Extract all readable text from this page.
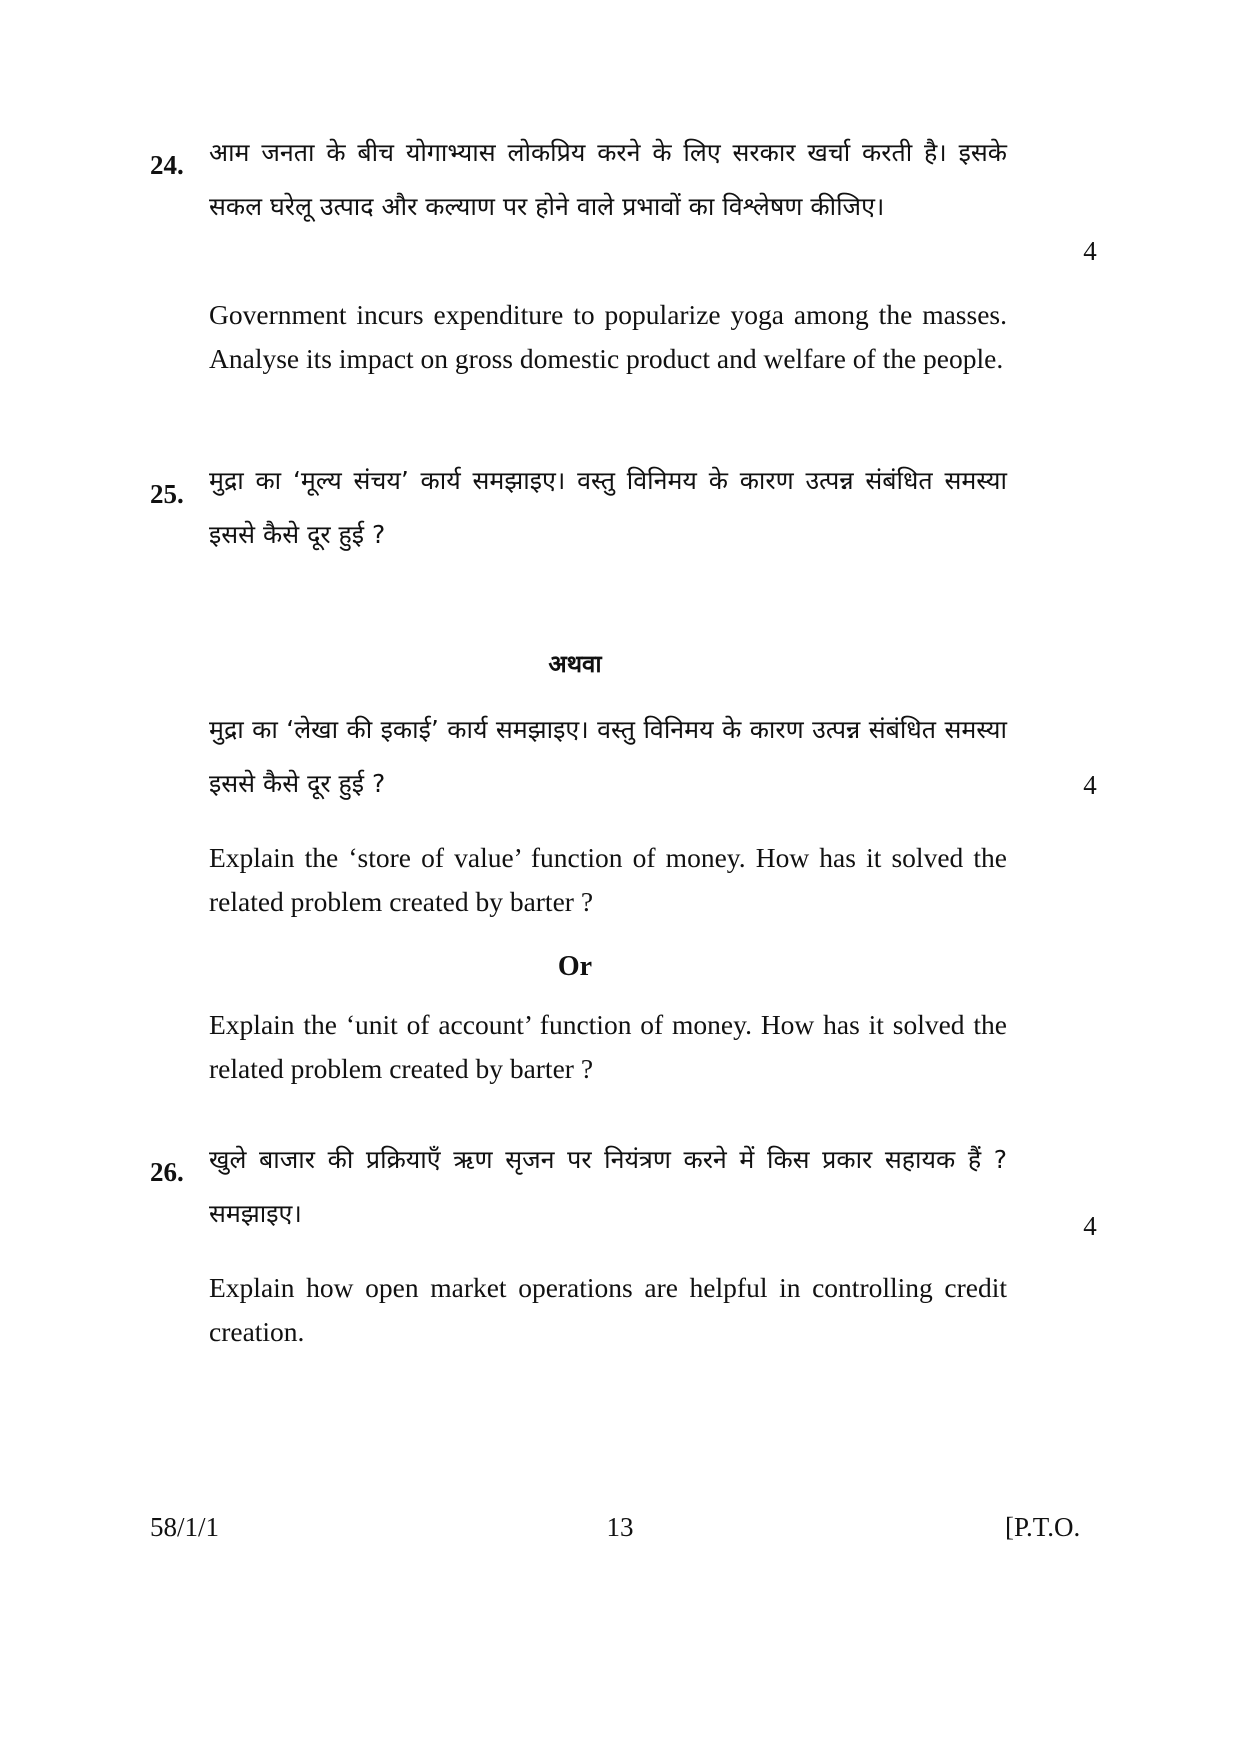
24. आम जनता के बीच योगाभ्यास लोकप्रिय करने के लिए सरकार खर्चा करती है। इसके सकल घरेलू उत्पाद और कल्याण पर होने वाले प्रभावों का विश्लेषण कीजिए।

4

Government incurs expenditure to popularize yoga among the masses. Analyse its impact on gross domestic product and welfare of the people.

25. मुद्रा का ‘मूल्य संचय’ कार्य समझाइए। वस्तु विनिमय के कारण उत्पन्न संबंधित समस्या इससे कैसे दूर हुई ?

अथवा

मुद्रा का ‘लेखा की इकाई’ कार्य समझाइए। वस्तु विनिमय के कारण उत्पन्न संबंधित समस्या इससे कैसे दूर हुई ?	4

Explain the ‘store of value’ function of money. How has it solved the related problem created by barter ?

Or

Explain the ‘unit of account’ function of money. How has it solved the related problem created by barter ?

26. खुले बाजार की प्रक्रियाएँ ऋण सृजन पर नियंत्रण करने में किस प्रकार सहायक हैं ? समझाइए।	4

Explain how open market operations are helpful in controlling credit creation.

58/1/1	13	[P.T.O.
